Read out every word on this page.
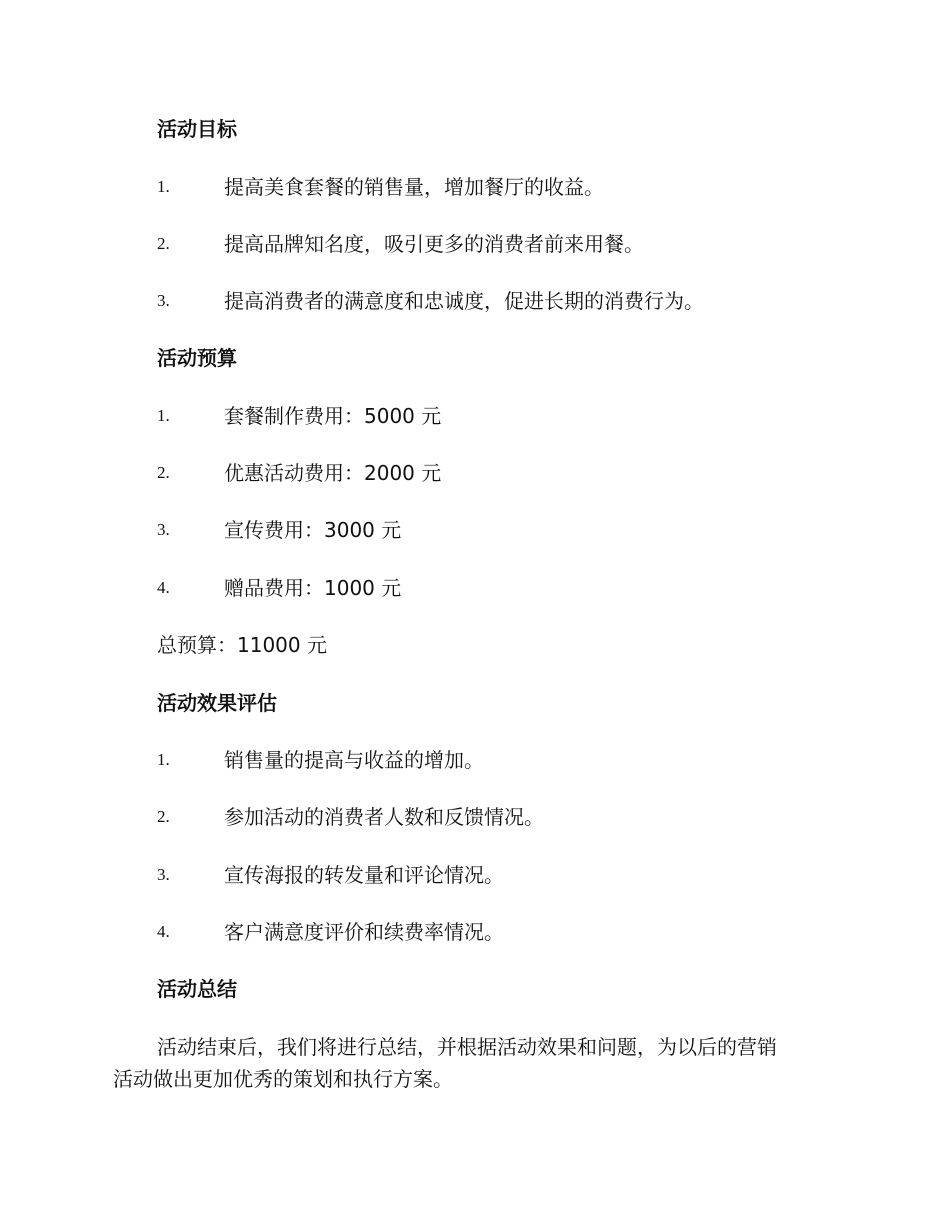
活动目标
1.	提高美食套餐的销售量，增加餐厅的收益。
2.	提高品牌知名度，吸引更多的消费者前来用餐。
3.	提高消费者的满意度和忠诚度，促进长期的消费行为。
活动预算
1.	套餐制作费用：5000 元
2.	优惠活动费用：2000 元
3.	宣传费用：3000 元
4.	赠品费用：1000 元
总预算：11000 元
活动效果评估
1.	销售量的提高与收益的增加。
2.	参加活动的消费者人数和反馈情况。
3.	宣传海报的转发量和评论情况。
4.	客户满意度评价和续费率情况。
活动总结
活动结束后，我们将进行总结，并根据活动效果和问题，为以后的营销
活动做出更加优秀的策划和执行方案。
